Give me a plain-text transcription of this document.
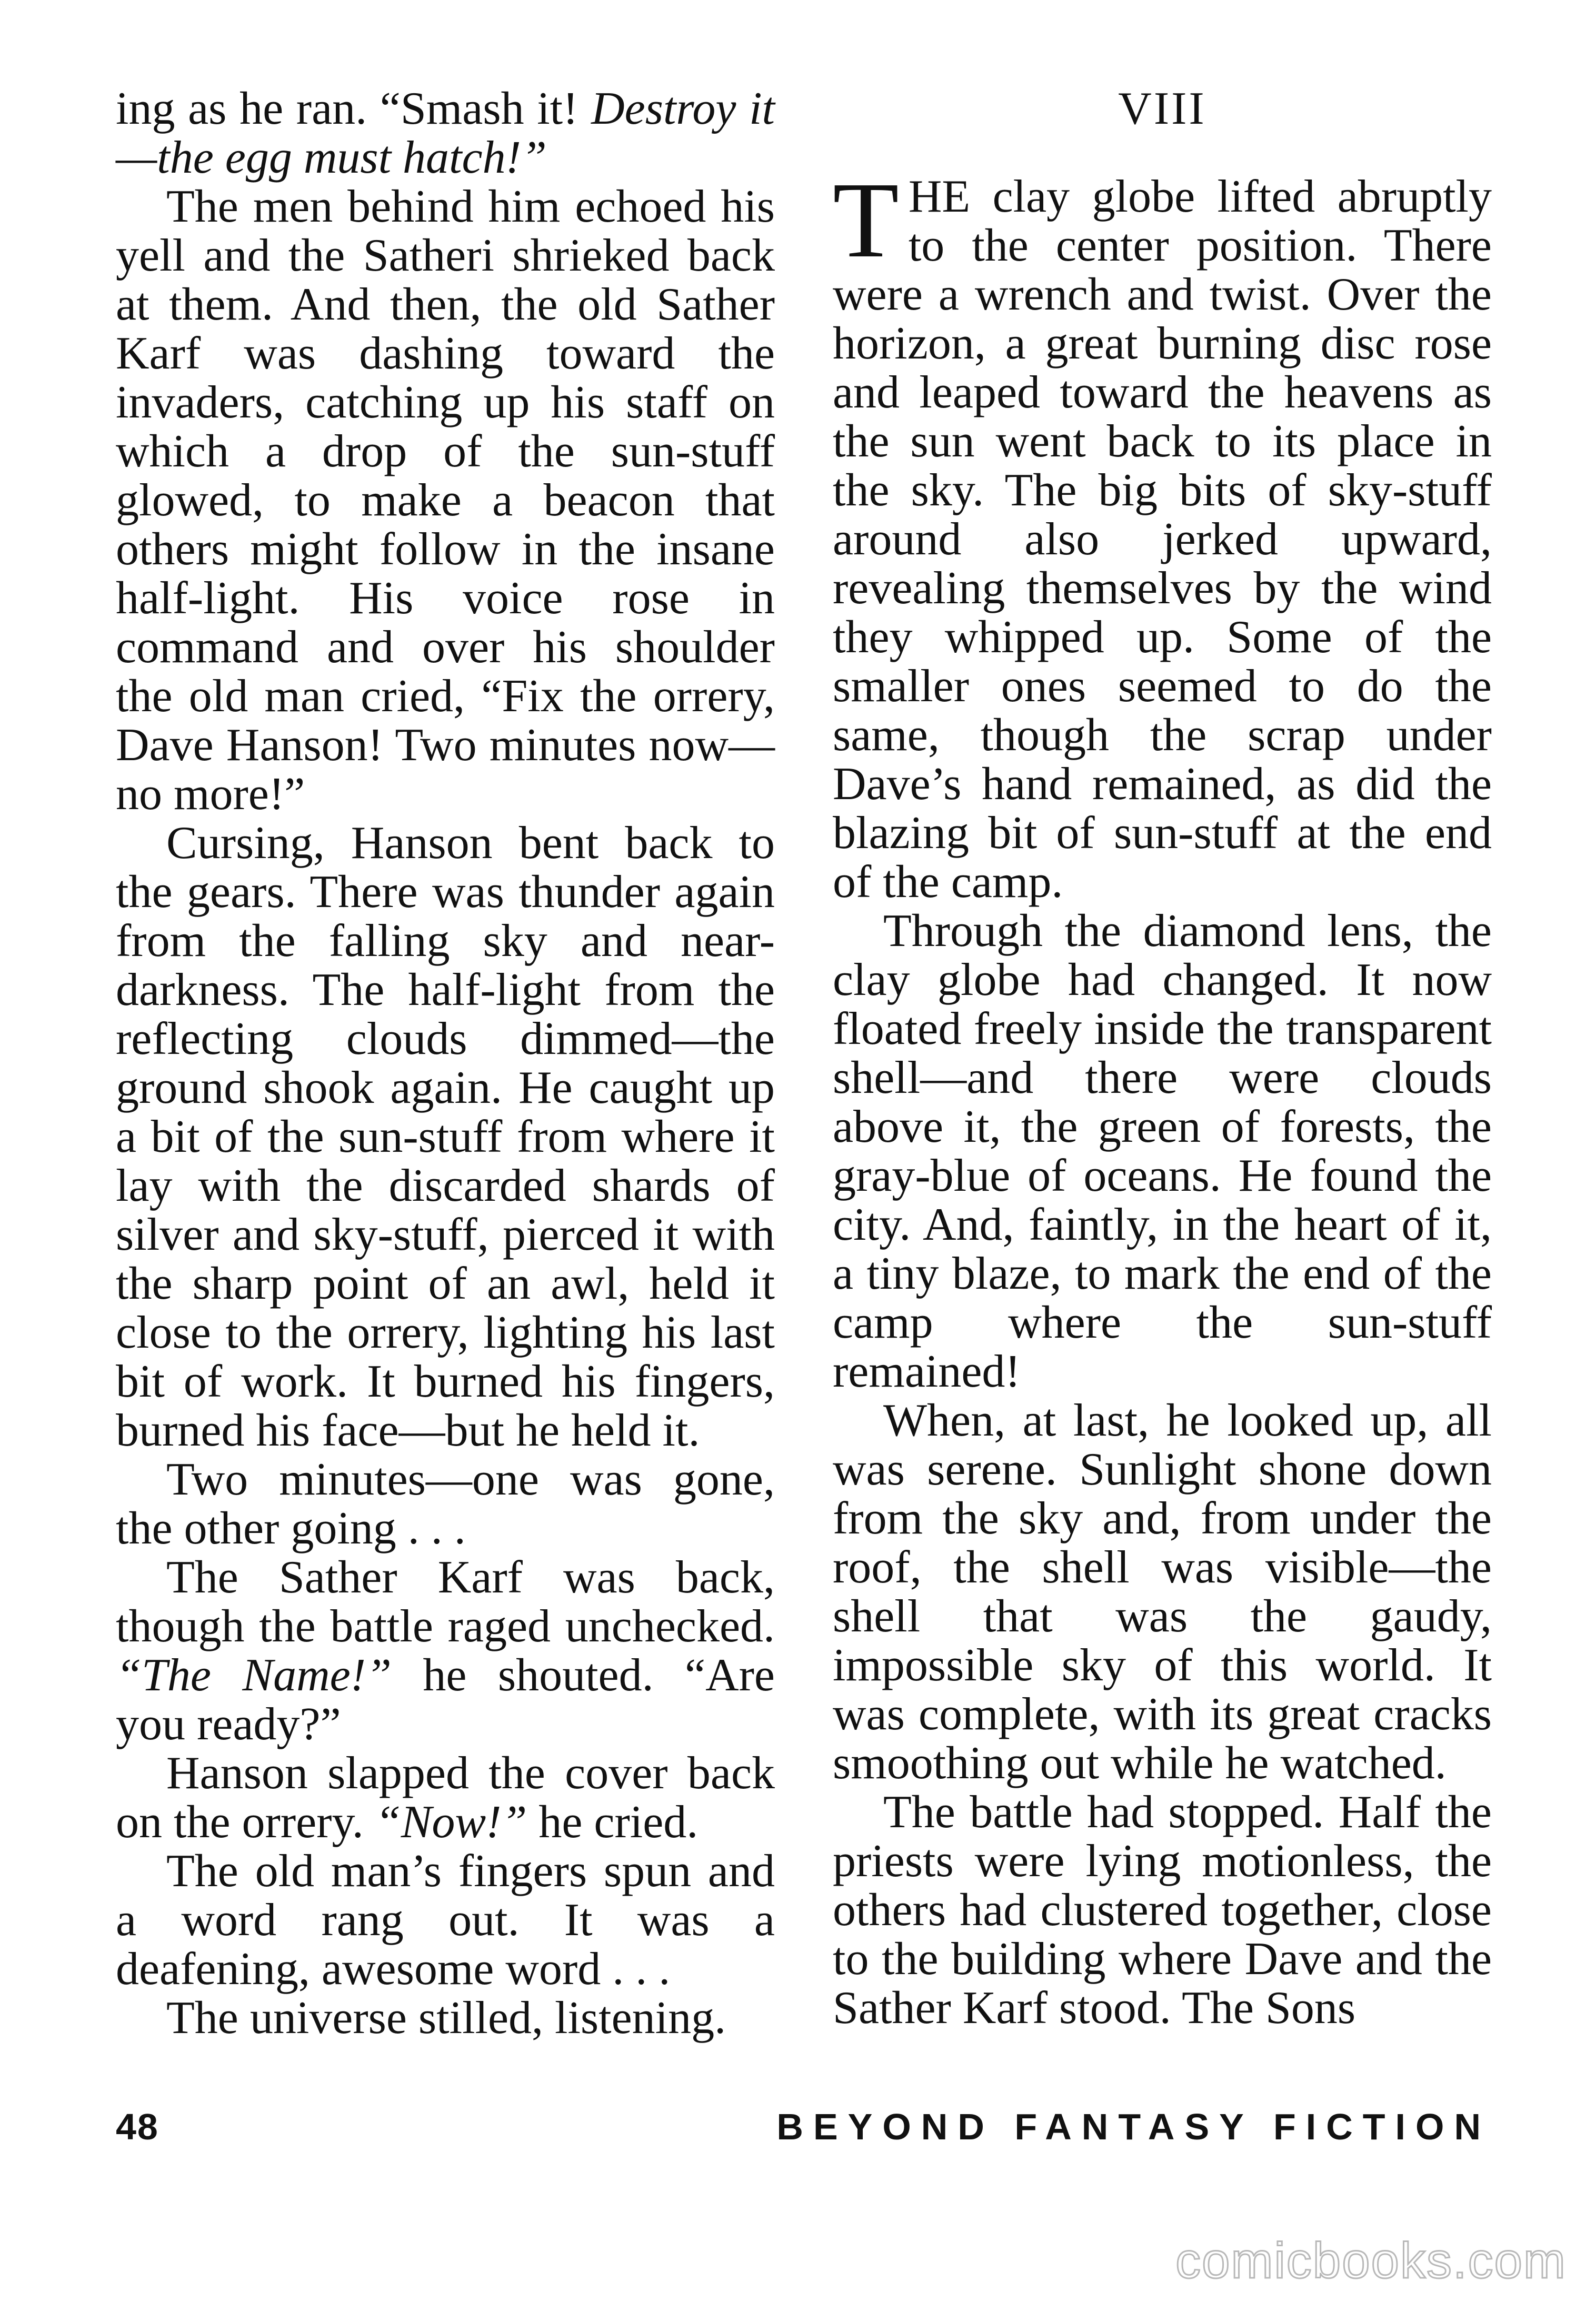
ing as he ran. “Smash it! Destroy it—the egg must hatch!”

The men behind him echoed his yell and the Satheri shrieked back at them. And then, the old Sather Karf was dashing toward the invaders, catching up his staff on which a drop of the sun-stuff glowed, to make a beacon that others might follow in the insane half-light. His voice rose in command and over his shoulder the old man cried, “Fix the orrery, Dave Hanson! Two minutes now—no more!”

Cursing, Hanson bent back to the gears. There was thunder again from the falling sky and near-darkness. The half-light from the reflecting clouds dimmed—the ground shook again. He caught up a bit of the sun-stuff from where it lay with the discarded shards of silver and sky-stuff, pierced it with the sharp point of an awl, held it close to the orrery, lighting his last bit of work. It burned his fingers, burned his face—but he held it.

Two minutes—one was gone, the other going . . .

The Sather Karf was back, though the battle raged unchecked. “The Name!” he shouted. “Are you ready?”

Hanson slapped the cover back on the orrery. “Now!” he cried.

The old man’s fingers spun and a word rang out. It was a deafening, awesome word . . .

The universe stilled, listening.

VIII

THE clay globe lifted abruptly to the center position. There were a wrench and twist. Over the horizon, a great burning disc rose and leaped toward the heavens as the sun went back to its place in the sky. The big bits of sky-stuff around also jerked upward, revealing themselves by the wind they whipped up. Some of the smaller ones seemed to do the same, though the scrap under Dave’s hand remained, as did the blazing bit of sun-stuff at the end of the camp.

Through the diamond lens, the clay globe had changed. It now floated freely inside the transparent shell—and there were clouds above it, the green of forests, the gray-blue of oceans. He found the city. And, faintly, in the heart of it, a tiny blaze, to mark the end of the camp where the sun-stuff remained!

When, at last, he looked up, all was serene. Sunlight shone down from the sky and, from under the roof, the shell was visible—the shell that was the gaudy, impossible sky of this world. It was complete, with its great cracks smoothing out while he watched.

The battle had stopped. Half the priests were lying motionless, the others had clustered together, close to the building where Dave and the Sather Karf stood. The Sons

48	BEYOND FANTASY FICTION
comicbooks.com
